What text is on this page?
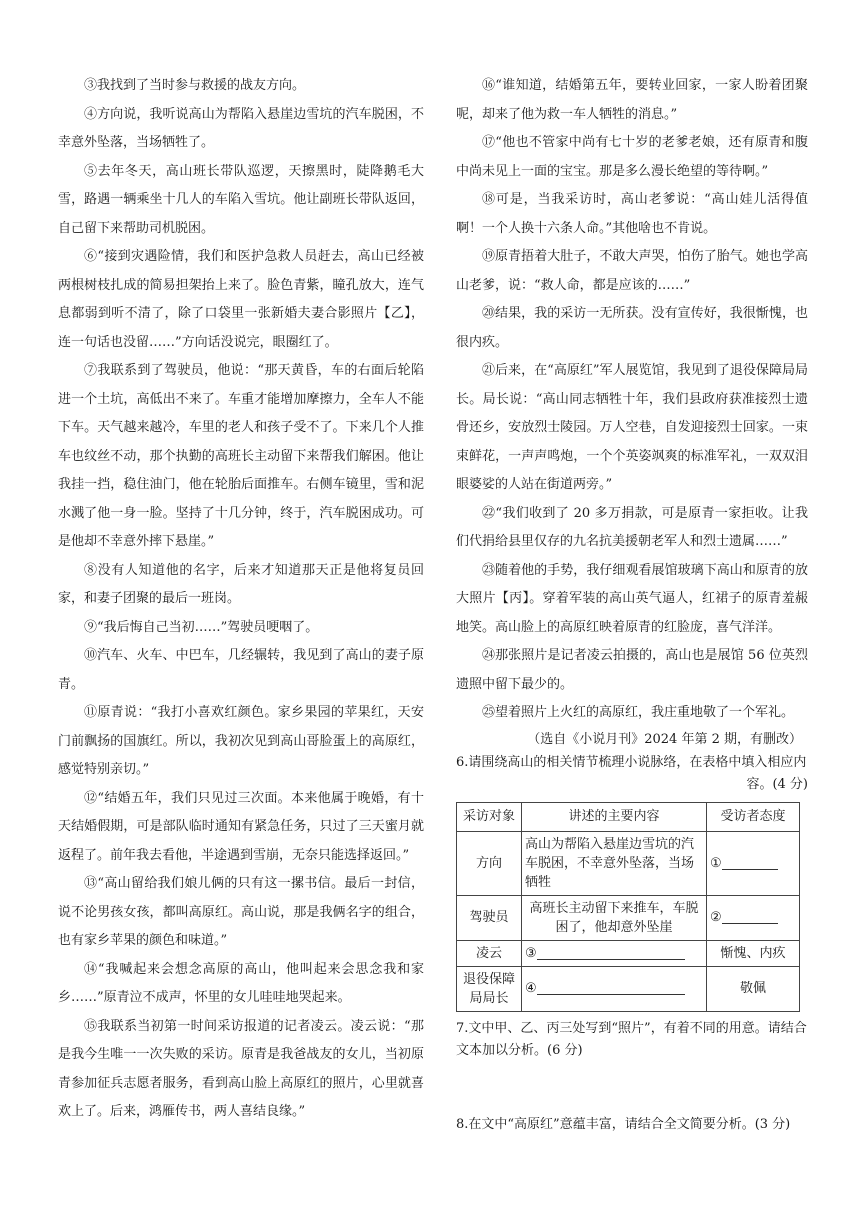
③我找到了当时参与救援的战友方向。

④方向说，我听说高山为帮陷入悬崖边雪坑的汽车脱困，不幸意外坠落，当场牺牲了。

⑤去年冬天，高山班长带队巡逻，天擦黑时，陡降鹅毛大雪，路遇一辆乘坐十几人的车陷入雪坑。他让副班长带队返回，自己留下来帮助司机脱困。

⑥“接到灾遇险情，我们和医护急救人员赶去，高山已经被两根树枝扎成的简易担架抬上来了。脸色青紫，瞳孔放大，连气息都弱到听不清了，除了口袋里一张新婚夫妻合影照片【乙】，连一句话也没留……”方向话没说完，眼圈红了。

⑦我联系到了驾驶员，他说：“那天黄昏，车的右面后轮陷进一个土坑，高低出不来了。车重才能增加摩擦力，全车人不能下车。天气越来越冷，车里的老人和孩子受不了。下来几个人推车也纹丝不动，那个执勤的高班长主动留下来帮我们解困。他让我挂一挡，稳住油门，他在轮胎后面推车。右侧车镜里，雪和泥水溅了他一身一脸。坚持了十几分钟，终于，汽车脱困成功。可是他却不幸意外摔下悬崖。”

⑧没有人知道他的名字，后来才知道那天正是他将复员回家，和妻子团聚的最后一班岗。

⑨“我后悔自己当初……”驾驶员哽咽了。

⑩汽车、火车、中巴车，几经辗转，我见到了高山的妻子原青。

⑪原青说：“我打小喜欢红颜色。家乡果园的苹果红，天安门前飘扬的国旗红。所以，我初次见到高山哥脸蛋上的高原红，感觉特别亲切。”

⑫“结婚五年，我们只见过三次面。本来他属于晚婚，有十天结婚假期，可是部队临时通知有紧急任务，只过了三天蜜月就返程了。前年我去看他，半途遇到雪崩，无奈只能选择返回。”

⑬“高山留给我们娘儿俩的只有这一摞书信。最后一封信，说不论男孩女孩，都叫高原红。高山说，那是我俩名字的组合，也有家乡苹果的颜色和味道。”

⑭“我喊起来会想念高原的高山，他叫起来会思念我和家乡……”原青泣不成声，怀里的女儿哇哇地哭起来。

⑮我联系当初第一时间采访报道的记者凌云。凌云说：“那是我今生唯一一次失败的采访。原青是我爸战友的女儿，当初原青参加征兵志愿者服务，看到高山脸上高原红的照片，心里就喜欢上了。后来，鸿雁传书，两人喜结良缘。”

⑯“谁知道，结婚第五年，要转业回家，一家人盼着团聚呢，却来了他为救一车人牺牲的消息。”

⑰“他也不管家中尚有七十岁的老爹老娘，还有原青和腹中尚未见上一面的宝宝。那是多么漫长绝望的等待啊。”

⑱可是，当我采访时，高山老爹说：“高山娃儿活得值啊！一个人换十六条人命。”其他啥也不肯说。

⑲原青捂着大肚子，不敢大声哭，怕伤了胎气。她也学高山老爹，说：“救人命，都是应该的……”

⑳结果，我的采访一无所获。没有宣传好，我很惭愧，也很内疚。

㉑后来，在“高原红”军人展览馆，我见到了退役保障局局长。局长说：“高山同志牺牲十年，我们县政府获准接烈士遗骨还乡，安放烈士陵园。万人空巷，自发迎接烈士回家。一束束鲜花，一声声鸣炮，一个个英姿飒爽的标准军礼，一双双泪眼婆娑的人站在街道两旁。”

㉒“我们收到了 20 多万捐款，可是原青一家拒收。让我们代捐给县里仅存的九名抗美援朝老军人和烈士遗属……”

㉓随着他的手势，我仔细观看展馆玻璃下高山和原青的放大照片【丙】。穿着军装的高山英气逼人，红裙子的原青羞赧地笑。高山脸上的高原红映着原青的红脸庞，喜气洋洋。

㉔那张照片是记者凌云拍摄的，高山也是展馆 56 位英烈遗照中留下最少的。

㉕望着照片上火红的高原红，我庄重地敬了一个军礼。

（选自《小说月刊》2024 年第 2 期，有删改）
6.请围绕高山的相关情节梳理小说脉络，在表格中填入相应内
容。(4 分)
采访对象	讲述的主要内容	受访者态度
方向	高山为帮陷入悬崖边雪坑的汽车脱困，不幸意外坠落，当场牺牲	①
驾驶员	高班长主动留下来推车，车脱困了，他却意外坠崖	②
凌云	③	惭愧、内疚
退役保障局局长	④	敬佩
7.文中甲、乙、丙三处写到“照片”，有着不同的用意。请结合文本加以分析。(6 分)
8.在文中“高原红”意蕴丰富，请结合全文简要分析。(3 分)
